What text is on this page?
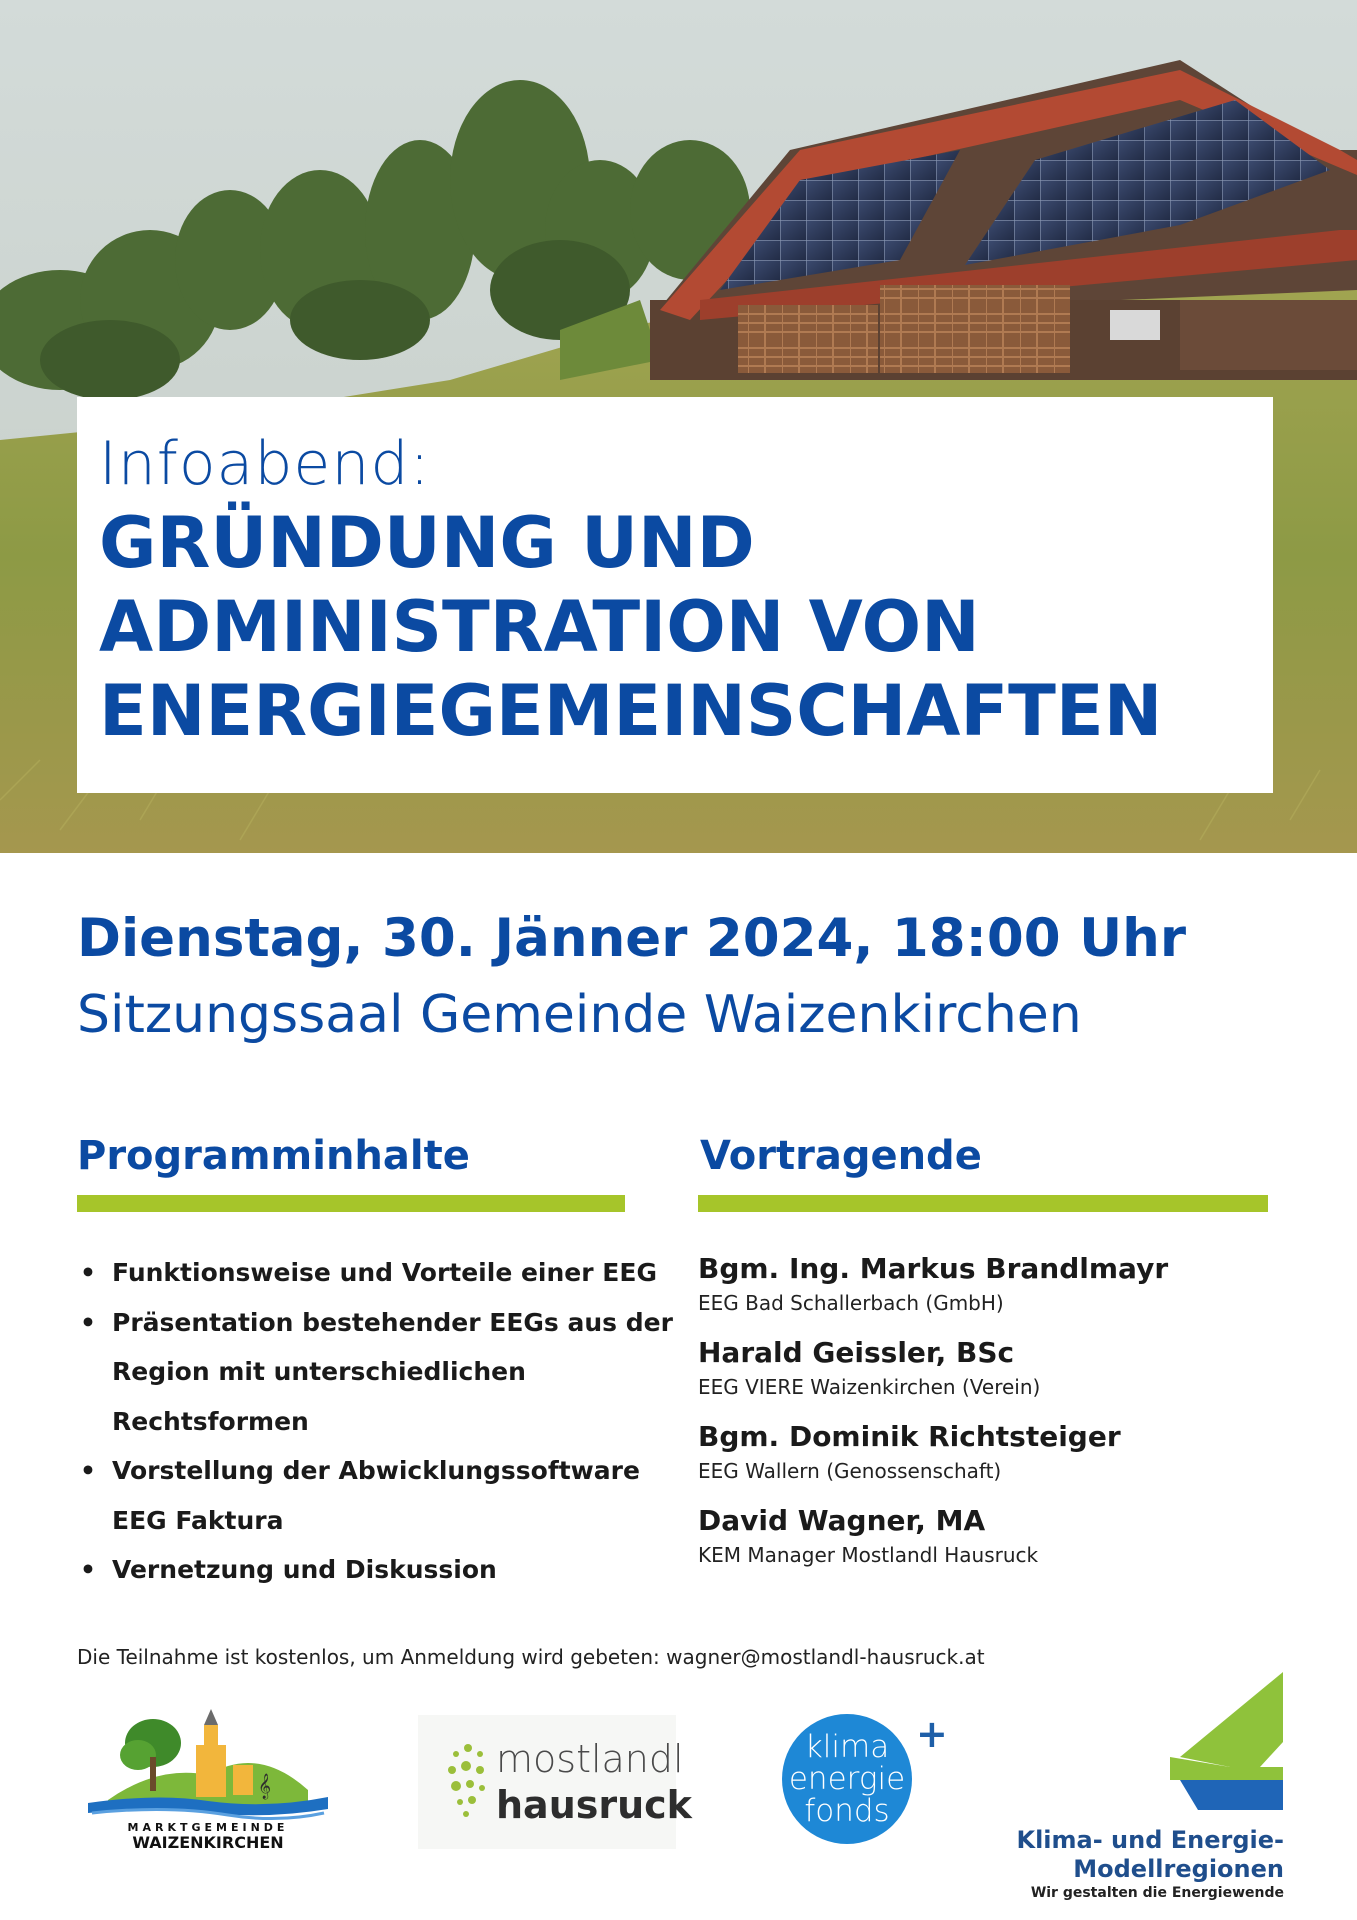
Infoabend:
GRÜNDUNG UND
ADMINISTRATION VON
ENERGIEGEMEINSCHAFTEN
Dienstag, 30. Jänner 2024, 18:00 Uhr
Sitzungssaal Gemeinde Waizenkirchen
Programminhalte
• Funktionsweise und Vorteile einer EEG
• Präsentation bestehender EEGs aus der Region mit unterschiedlichen Rechtsformen
• Vorstellung der Abwicklungssoftware EEG Faktura
• Vernetzung und Diskussion
Vortragende
Bgm. Ing. Markus Brandlmayr
EEG Bad Schallerbach (GmbH)
Harald Geissler, BSc
EEG VIERE Waizenkirchen (Verein)
Bgm. Dominik Richtsteiger
EEG Wallern (Genossenschaft)
David Wagner, MA
KEM Manager Mostlandl Hausruck
Die Teilnahme ist kostenlos, um Anmeldung wird gebeten: wagner@mostlandl-hausruck.at
𝄞
MARKTGEMEINDE
WAIZENKIRCHEN
mostlandl
hausruck
klima
energie
fonds
+
Klima- und Energie-
Modellregionen
Wir gestalten die Energiewende
